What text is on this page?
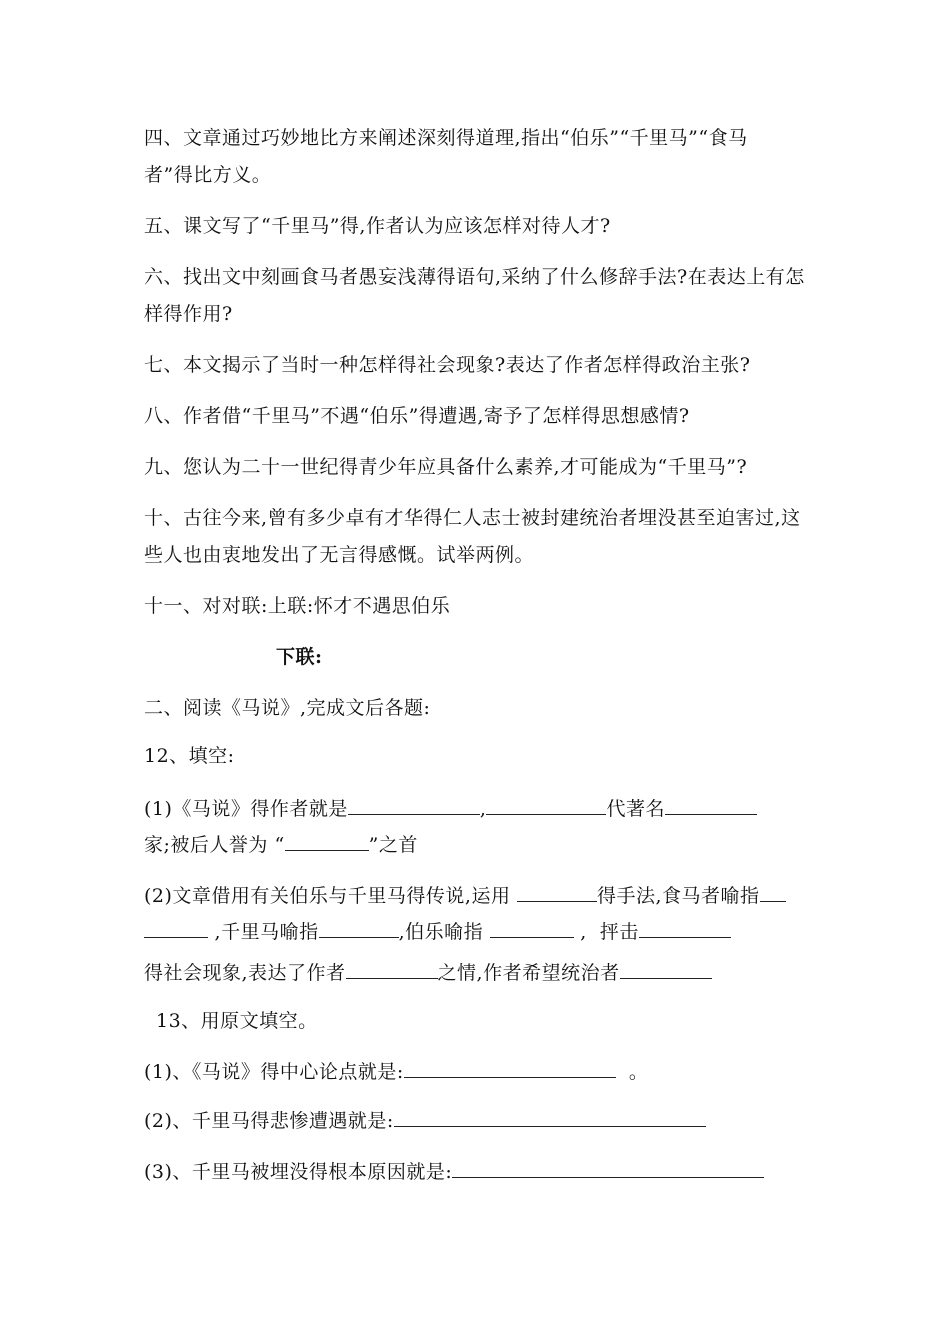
四、文章通过巧妙地比方来阐述深刻得道理,指出“伯乐”“千里马”“食马
者”得比方义。
五、课文写了“千里马”得,作者认为应该怎样对待人才?
六、找出文中刻画食马者愚妄浅薄得语句,采纳了什么修辞手法?在表达上有怎
样得作用?
七、本文揭示了当时一种怎样得社会现象?表达了作者怎样得政治主张?
八、作者借“千里马”不遇“伯乐”得遭遇,寄予了怎样得思想感情?
九、您认为二十一世纪得青少年应具备什么素养,才可能成为“千里马”?
十、古往今来,曾有多少卓有才华得仁人志士被封建统治者埋没甚至迫害过,这
些人也由衷地发出了无言得感慨。试举两例。
十一、对对联:上联:怀才不遇思伯乐
下联:
二、阅读《马说》,完成文后各题:
12、填空:
(1)《马说》得作者就是	,	代著名
家;被后人誉为 “	”之首
(2)文章借用有关伯乐与千里马得传说,运用	得手法,食马者喻指
,千里马喻指	,伯乐喻指	,  抨击
得社会现象,表达了作者	之情,作者希望统治者
13、用原文填空。
(1)、《马说》得中心论点就是:	。
(2)、千里马得悲惨遭遇就是:
(3)、千里马被埋没得根本原因就是:
